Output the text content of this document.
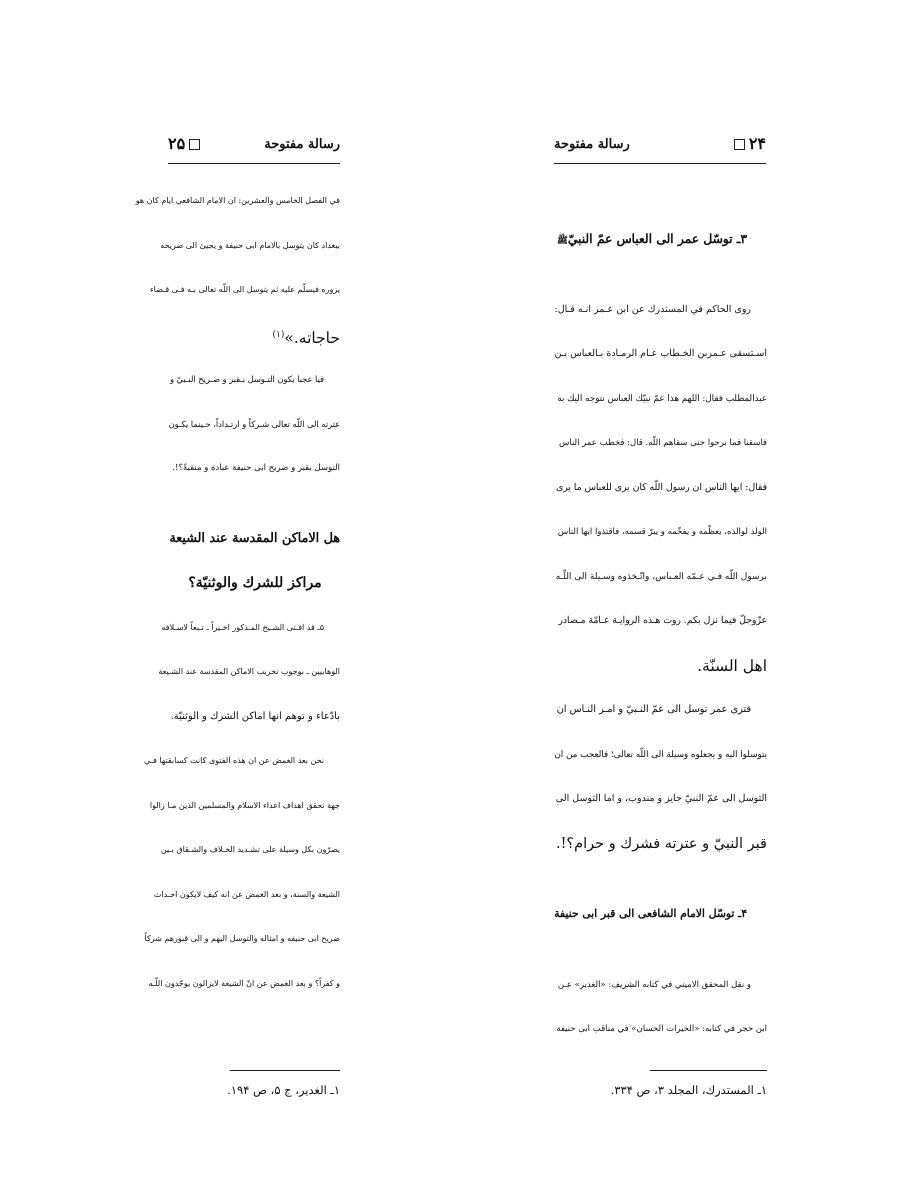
رسالة مفتوحة
۲۵
في الفصل الخامس والعشرين: ان الامام الشافعي ايام كان هو
ببغداد كان يتوسل بالامام ابی حنيفة و يجیئ الی ضريحه
يزوره فيسلّم عليه ثم يتوسل الی اللّه تعالی بـه فـی قـضاء
حاجاته.»$^{(۱)}$
فيا عجبا يكون التـوسل بـقبر و ضـريح النـبيّ و
عترته الی اللّه تعالی شـركاً و ارتـداداً، حـينما يكـون
التوسل بقبر و ضريح ابی حنيفة عبادة و منقبةً؟!.
هل الاماكن المقدسة عند الشيعة
مراكز للشرك والوثنيّة؟
۵ـ قد افـتی الشـيخ المـذكور اخـيراً ـ تـبعاً لاسـلافه
الوهابيين ـ بوجوب تخريب الاماكن المقدسة عند الشـيعة
بادّعاء و توهم انها اماكن الشرك و الوثنيّة.
نحن بعد الغمض عن ان هذه الفتوی كانت كسابقتها فـي
جهة تحقق اهداف اعداء الاسلام والمسلمين الذين مـا زالوا
يصرّون بكل وسيلة علی تشـديد الخـلاف والشـقاق بـين
الشيعة والسنة، و بعد الغمض عن انه كيف لايكون احـداث
ضريح ابی حنيفه و امثاله والتوسل اليهم و الی قبورهم شركاً
و كفراً؟ و بعد الغمض عن انّ الشيعة لايزالون يوحّدون اللّـه
۱ـ الغدير، ج ۵، ص ۱۹۴.
۲۴
رسالة مفتوحة
۳ـ توسّل عمر الی العباس عمّ النبيّﷺ
روی الحاكم في المستدرك عن ابن عـمر انـه قـال:
اسـتسقی عـمربن الخـطاب عـام الرمـادة بـالعباس بـن
عبدالمطلب فقال: اللهم هذا عمّ نبيّك العباس نتوجه اليك به
فاسقنا فما برحوا حتی سقاهم اللّه. قال: فخطب عمر الناس
فقال: ايها الناس ان رسول اللّه كان يری للعباس ما يری
الولد لوالده، يعظّمه و يفخّمه و يبرّ قسمه، فاقتدوا ايها الناس
برسول اللّه فـي عـمّه العـباس، واتّـخذوه وسـيلة الی اللّـه
عزّوجلّ فيما نزل بكم. روت هـذه الروايـة عـامّة مـصادر
اهل السنّة.
فتری عمر توسل الی عمّ النـبيّ و امـر النـاس ان
يتوسلوا اليه و يجعلوه وسيلة الی اللّه تعالی؛ فالعجب من ان
التوسل الی عمّ النبيّ جايز و مندوب، و اما التوسل الی
قبر النبيّ و عترته فشرك و حرام؟!.
۴ـ توسّل الامام الشافعی الی قبر ابی حنيفة
و نقل المحقق الاميني في كتابه الشريف: «الغدير» عـن
ابن حجر في كتابه: «الخيرات الحسان» في مناقب ابی حنيفة
۱ـ المستدرك، المجلد ۳، ص ۳۳۴.
